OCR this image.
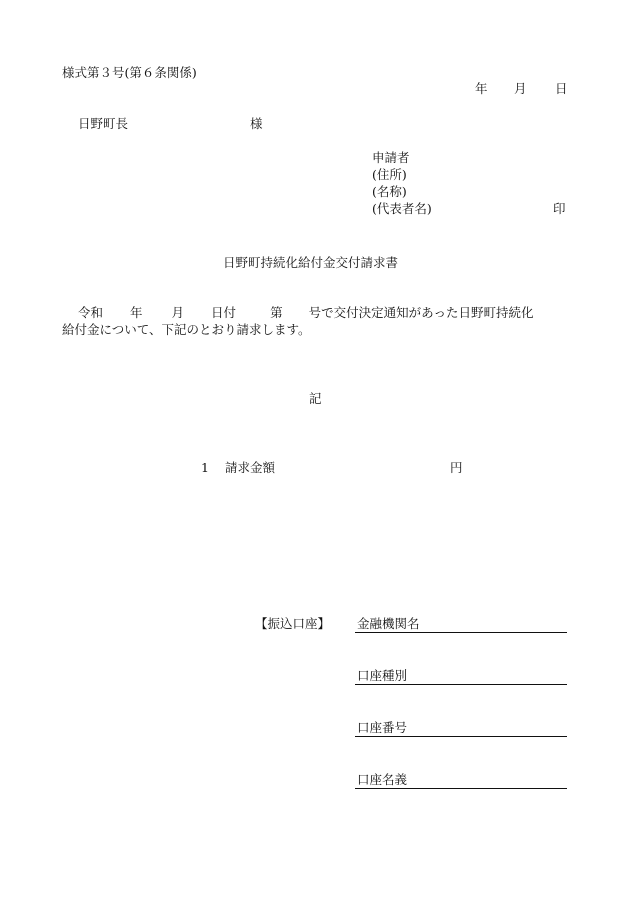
様式第３号(第６条関係)
年 月 日
日野町長	様
申請者
(住所)
(名称)
(代表者名)	印
日野町持続化給付金交付請求書
令和 年 月 日付	第 号で交付決定通知があった日野町持続化
給付金について、下記のとおり請求します。
記
1 請求金額	円
【振込口座】 金融機関名
口座種別
口座番号
口座名義
